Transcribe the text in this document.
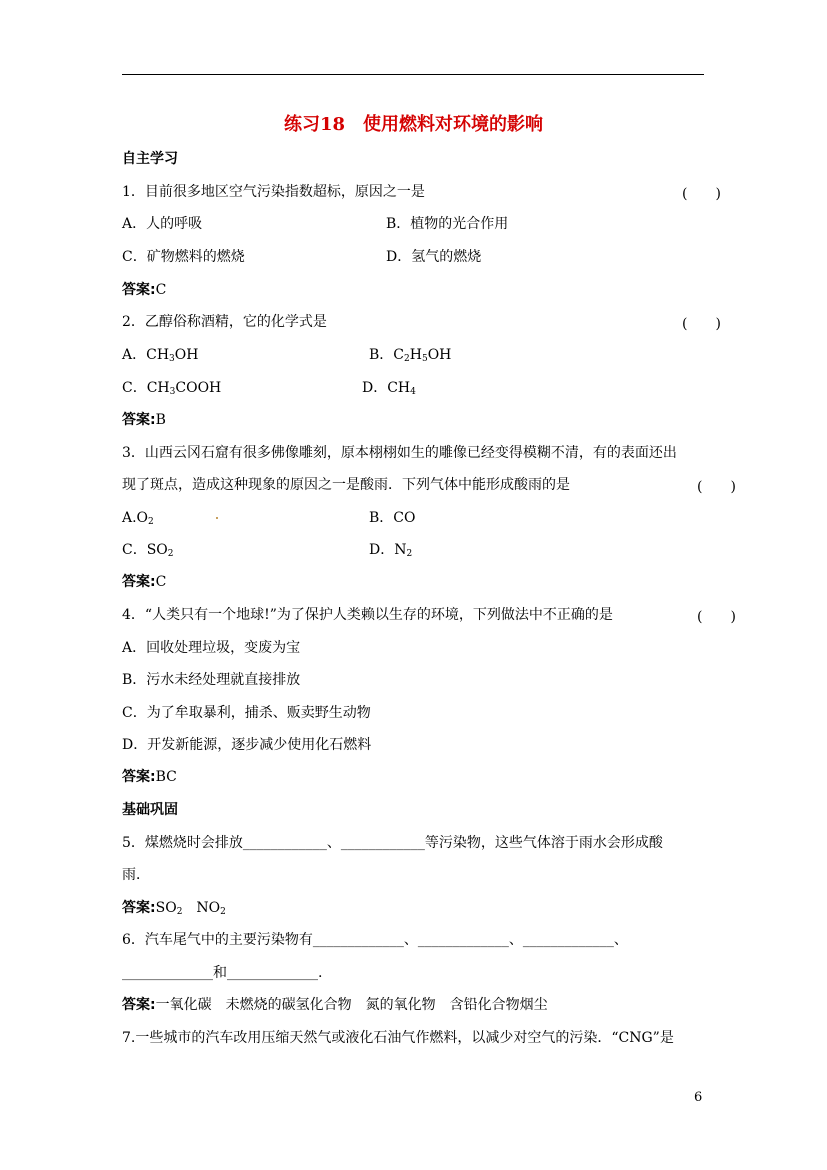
练习18　使用燃料对环境的影响
自主学习
1．目前很多地区空气污染指数超标，原因之一是	(　　)
A．人的呼吸	B．植物的光合作用
C．矿物燃料的燃烧	D．氢气的燃烧
答案:C
2．乙醇俗称酒精，它的化学式是	(　　)
A．$CH_3OH$	B．$C_2H_5OH$
C．$CH_3COOH$	D．$CH_4$
答案:B
3．山西云冈石窟有很多佛像雕刻，原本栩栩如生的雕像已经变得模糊不清，有的表面还出
现了斑点，造成这种现象的原因之一是酸雨．下列气体中能形成酸雨的是	(　　)
$A.O_2$	B．CO
C．$SO_2$	D．$N_2$
答案:C
4．“人类只有一个地球!”为了保护人类赖以生存的环境，下列做法中不正确的是	(　　)
A．回收处理垃圾，变废为宝
B．污水未经处理就直接排放
C．为了牟取暴利，捕杀、贩卖野生动物
D．开发新能源，逐步减少使用化石燃料
答案:BC
基础巩固
5．煤燃烧时会排放____________、____________等污染物，这些气体溶于雨水会形成酸
雨．
答案$:SO_2$　$NO_2$
6．汽车尾气中的主要污染物有_____________、_____________、_____________、
_____________和_____________.
答案:一氧化碳　未燃烧的碳氢化合物　氮的氧化物　含铅化合物烟尘
7.一些城市的汽车改用压缩天然气或液化石油气作燃料，以减少对空气的污染．“CNG”是
6
